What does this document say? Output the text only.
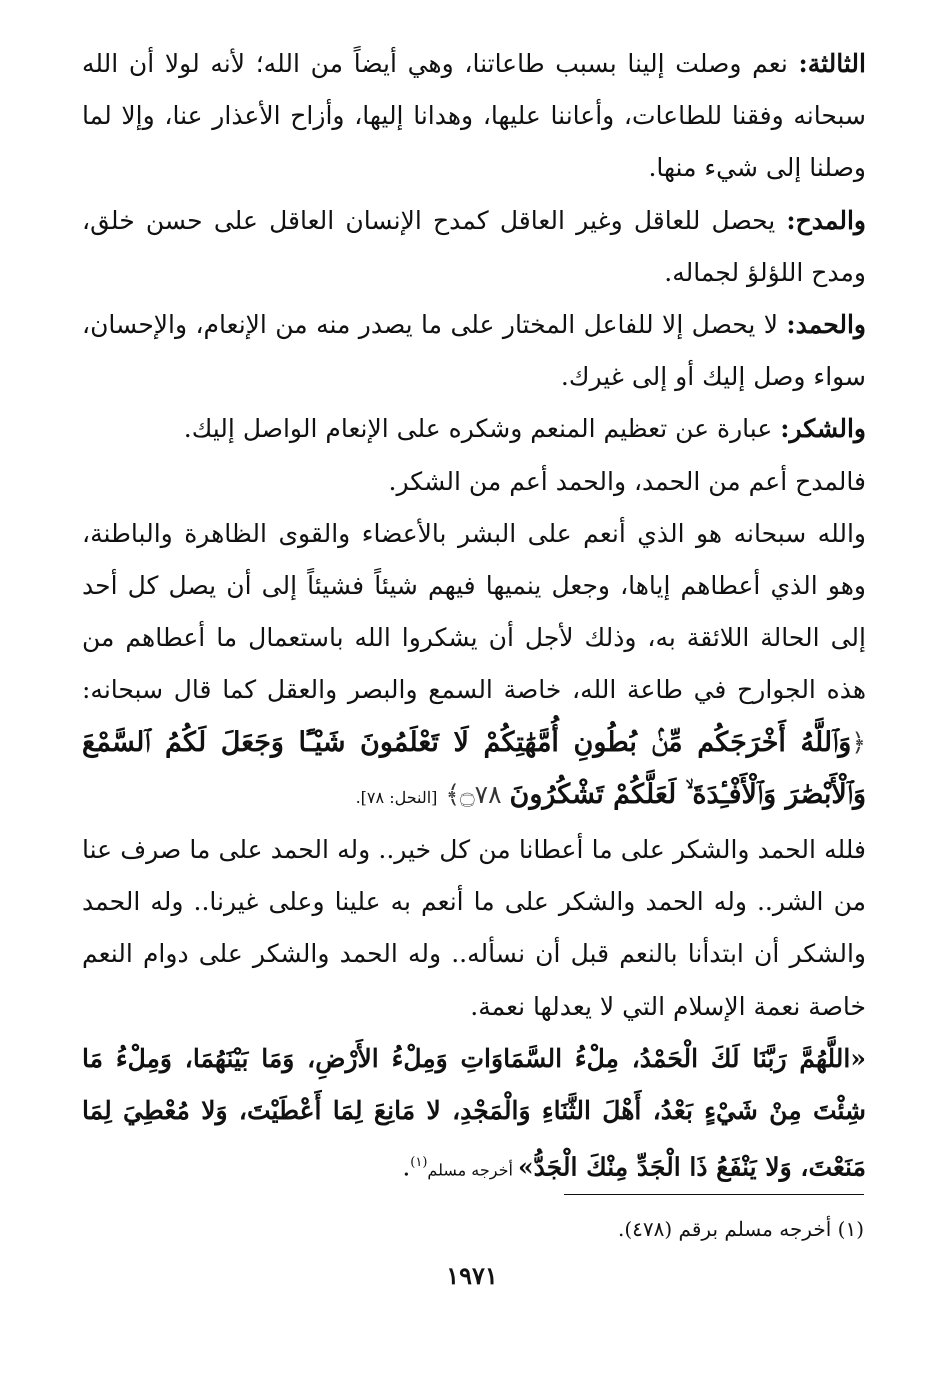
الثالثة: نعم وصلت إلينا بسبب طاعاتنا، وهي أيضاً من الله؛ لأنه لولا أن الله سبحانه وفقنا للطاعات، وأعاننا عليها، وهدانا إليها، وأزاح الأعذار عنا، وإلا لما وصلنا إلى شيء منها.

والمدح: يحصل للعاقل وغير العاقل كمدح الإنسان العاقل على حسن خلق، ومدح اللؤلؤ لجماله.

والحمد: لا يحصل إلا للفاعل المختار على ما يصدر منه من الإنعام، والإحسان، سواء وصل إليك أو إلى غيرك.

والشكر: عبارة عن تعظيم المنعم وشكره على الإنعام الواصل إليك.

فالمدح أعم من الحمد، والحمد أعم من الشكر.

والله سبحانه هو الذي أنعم على البشر بالأعضاء والقوى الظاهرة والباطنة، وهو الذي أعطاهم إياها، وجعل ينميها فيهم شيئاً فشيئاً إلى أن يصل كل أحد إلى الحالة اللائقة به، وذلك لأجل أن يشكروا الله باستعمال ما أعطاهم من هذه الجوارح في طاعة الله، خاصة السمع والبصر والعقل كما قال سبحانه: ﴿وَٱللَّهُ أَخْرَجَكُم مِّنۢ بُطُونِ أُمَّهَٰتِكُمْ لَا تَعْلَمُونَ شَيْـًٔا وَجَعَلَ لَكُمُ ٱلسَّمْعَ وَٱلْأَبْصَٰرَ وَٱلْأَفْـِٔدَةَ ۙ لَعَلَّكُمْ تَشْكُرُونَ ۝٧٨﴾ [النحل: ٧٨].

فلله الحمد والشكر على ما أعطانا من كل خير.. وله الحمد على ما صرف عنا من الشر.. وله الحمد والشكر على ما أنعم به علينا وعلى غيرنا.. وله الحمد والشكر أن ابتدأنا بالنعم قبل أن نسأله.. وله الحمد والشكر على دوام النعم خاصة نعمة الإسلام التي لا يعدلها نعمة.

«اللَّهُمَّ رَبَّنَا لَكَ الْحَمْدُ، مِلْءُ السَّمَاوَاتِ وَمِلْءُ الأَرْضِ، وَمَا بَيْنَهُمَا، وَمِلْءُ مَا شِئْتَ مِنْ شَيْءٍ بَعْدُ، أَهْلَ الثَّنَاءِ وَالْمَجْدِ، لا مَانِعَ لِمَا أَعْطَيْتَ، وَلا مُعْطِيَ لِمَا مَنَعْتَ، وَلا يَنْفَعُ ذَا الْجَدِّ مِنْكَ الْجَدُّ» أخرجه مسلم$^{(١)}$.

(١) أخرجه مسلم برقم (٤٧٨).
١٩٧١
